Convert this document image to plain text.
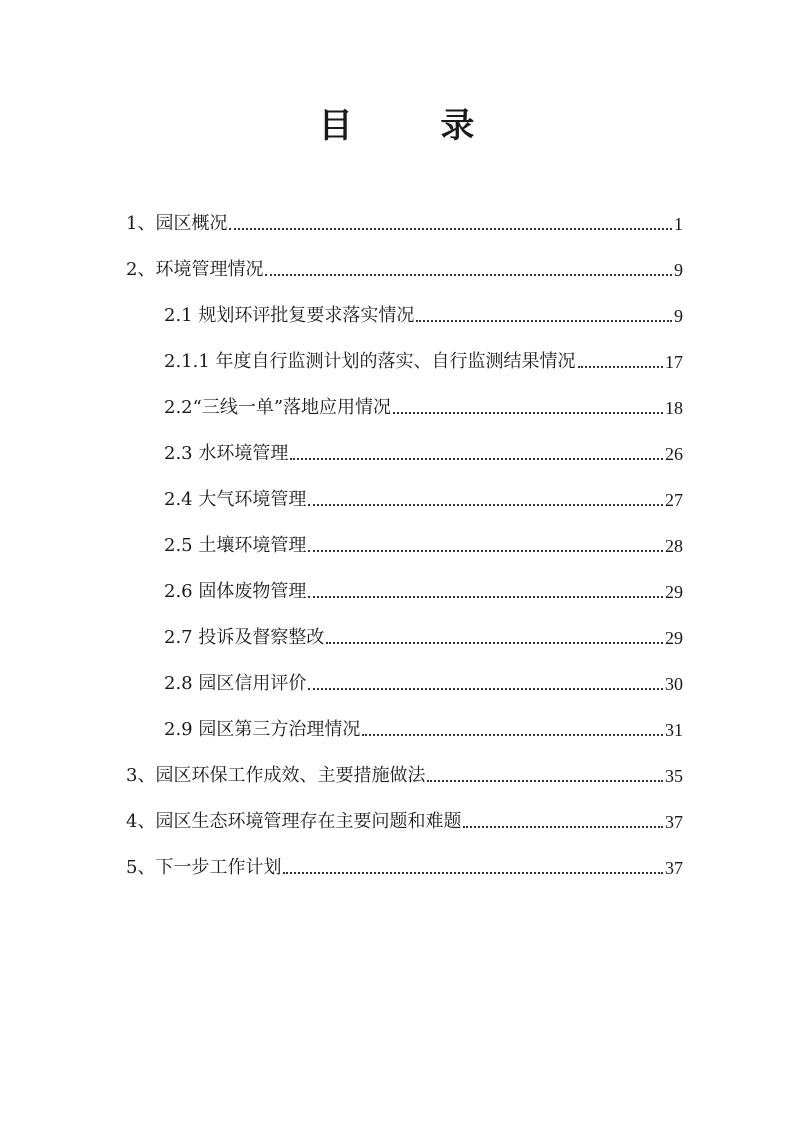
目 录
1、园区概况	1
2、环境管理情况	9
2.1 规划环评批复要求落实情况	9
2.1.1 年度自行监测计划的落实、自行监测结果情况	17
2.2“三线一单”落地应用情况	18
2.3 水环境管理	26
2.4 大气环境管理	27
2.5 土壤环境管理	28
2.6 固体废物管理	29
2.7 投诉及督察整改	29
2.8 园区信用评价	30
2.9 园区第三方治理情况	31
3、园区环保工作成效、主要措施做法	35
4、园区生态环境管理存在主要问题和难题	37
5、下一步工作计划	37
